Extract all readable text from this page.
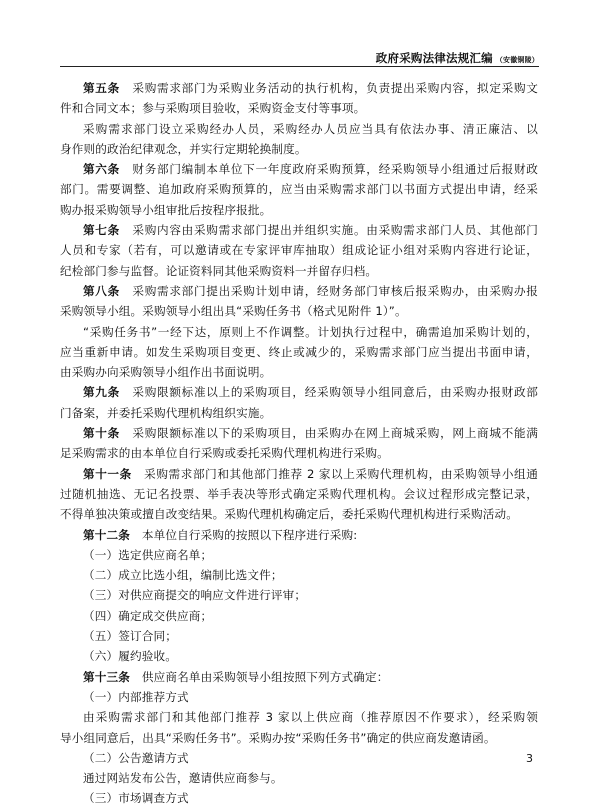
政府采购法律法规汇编 （安徽铜陵）

第五条   采购需求部门为采购业务活动的执行机构，负责提出采购内容，拟定采购文
件和合同文本；参与采购项目验收，采购资金支付等事项。

采购需求部门设立采购经办人员，采购经办人员应当具有依法办事、清正廉洁、以
身作则的政治纪律观念，并实行定期轮换制度。

第六条   财务部门编制本单位下一年度政府采购预算，经采购领导小组通过后报财政
部门。需要调整、追加政府采购预算的，应当由采购需求部门以书面方式提出申请，经采
购办报采购领导小组审批后按程序报批。

第七条   采购内容由采购需求部门提出并组织实施。由采购需求部门人员、其他部门
人员和专家（若有，可以邀请或在专家评审库抽取）组成论证小组对采购内容进行论证，
纪检部门参与监督。论证资料同其他采购资料一并留存归档。

第八条   采购需求部门提出采购计划申请，经财务部门审核后报采购办，由采购办报
采购领导小组。采购领导小组出具“采购任务书（格式见附件 1）”。

“采购任务书”一经下达，原则上不作调整。计划执行过程中，确需追加采购计划的，
应当重新申请。如发生采购项目变更、终止或减少的，采购需求部门应当提出书面申请，
由采购办向采购领导小组作出书面说明。

第九条   采购限额标准以上的采购项目，经采购领导小组同意后，由采购办报财政部
门备案，并委托采购代理机构组织实施。

第十条   采购限额标准以下的采购项目，由采购办在网上商城采购，网上商城不能满
足采购需求的由本单位自行采购或委托采购代理机构进行采购。

第十一条   采购需求部门和其他部门推荐 2 家以上采购代理机构，由采购领导小组通
过随机抽选、无记名投票、举手表决等形式确定采购代理机构。会议过程形成完整记录，
不得单独决策或擅自改变结果。采购代理机构确定后，委托采购代理机构进行采购活动。

第十二条   本单位自行采购的按照以下程序进行采购:

（一）选定供应商名单；

（二）成立比选小组，编制比选文件；

（三）对供应商提交的响应文件进行评审；

（四）确定成交供应商；

（五）签订合同；

（六）履约验收。

第十三条   供应商名单由采购领导小组按照下列方式确定：

（一）内部推荐方式

由采购需求部门和其他部门推荐 3 家以上供应商（推荐原因不作要求），经采购领
导小组同意后，出具“采购任务书”。采购办按“采购任务书”确定的供应商发邀请函。

（二）公告邀请方式

通过网站发布公告，邀请供应商参与。

（三）市场调查方式

3
